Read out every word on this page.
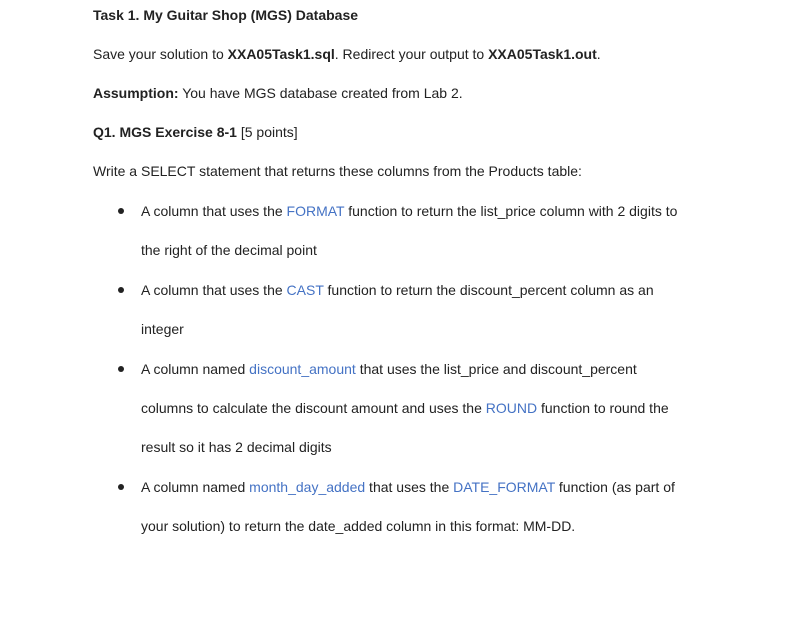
Task 1. My Guitar Shop (MGS) Database
Save your solution to XXA05Task1.sql. Redirect your output to XXA05Task1.out.
Assumption: You have MGS database created from Lab 2.
Q1. MGS Exercise 8-1 [5 points]
Write a SELECT statement that returns these columns from the Products table:
A column that uses the FORMAT function to return the list_price column with 2 digits to
the right of the decimal point
A column that uses the CAST function to return the discount_percent column as an
integer
A column named discount_amount that uses the list_price and discount_percent
columns to calculate the discount amount and uses the ROUND function to round the
result so it has 2 decimal digits
A column named month_day_added that uses the DATE_FORMAT function (as part of
your solution) to return the date_added column in this format: MM-DD.
